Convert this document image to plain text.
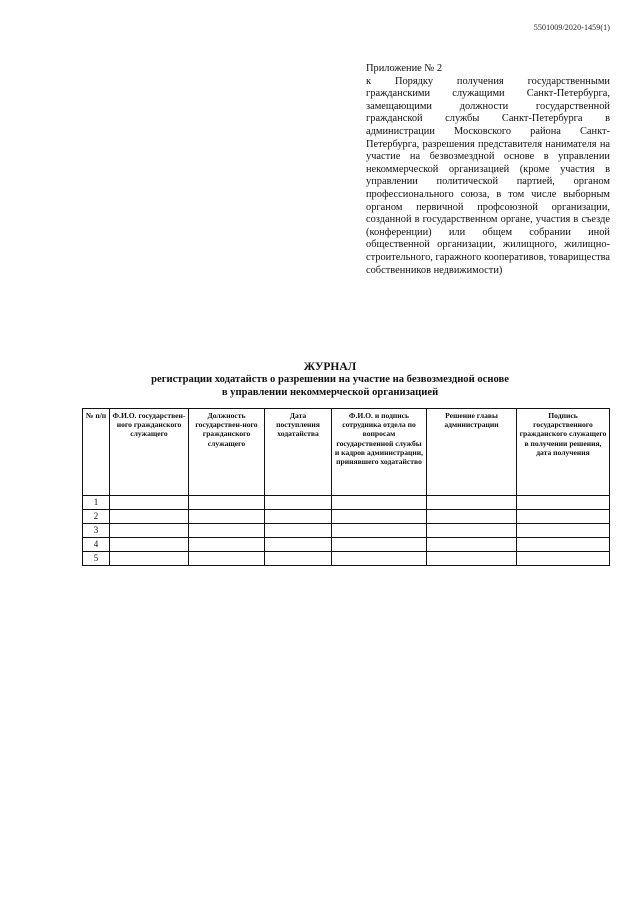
5501009/2020-1459(1)
Приложение № 2
к Порядку получения государственными гражданскими служащими Санкт-Петербурга, замещающими должности государственной гражданской службы Санкт-Петербурга в администрации Московского района Санкт-Петербурга, разрешения представителя нанимателя на участие на безвозмездной основе в управлении некоммерческой организацией (кроме участия в управлении политической партией, органом профессионального союза, в том числе выборным органом первичной профсоюзной организации, созданной в государственном органе, участия в съезде (конференции) или общем собрании иной общественной организации, жилищного, жилищно-строительного, гаражного кооперативов, товарищества собственников недвижимости)
ЖУРНАЛ
регистрации ходатайств о разрешении на участие на безвозмездной основе
в управлении некоммерческой организацией
№ п/п	Ф.И.О. государствен-ного гражданского служащего	Должность государствен-ного гражданского служащего	Дата поступления ходатайства	Ф.И.О. и подпись сотрудника отдела по вопросам государственной службы и кадров администрации, принявшего ходатайство	Решение главы администрации	Подпись государственного гражданского служащего в получении решения, дата получения
1						
2						
3						
4						
5						
